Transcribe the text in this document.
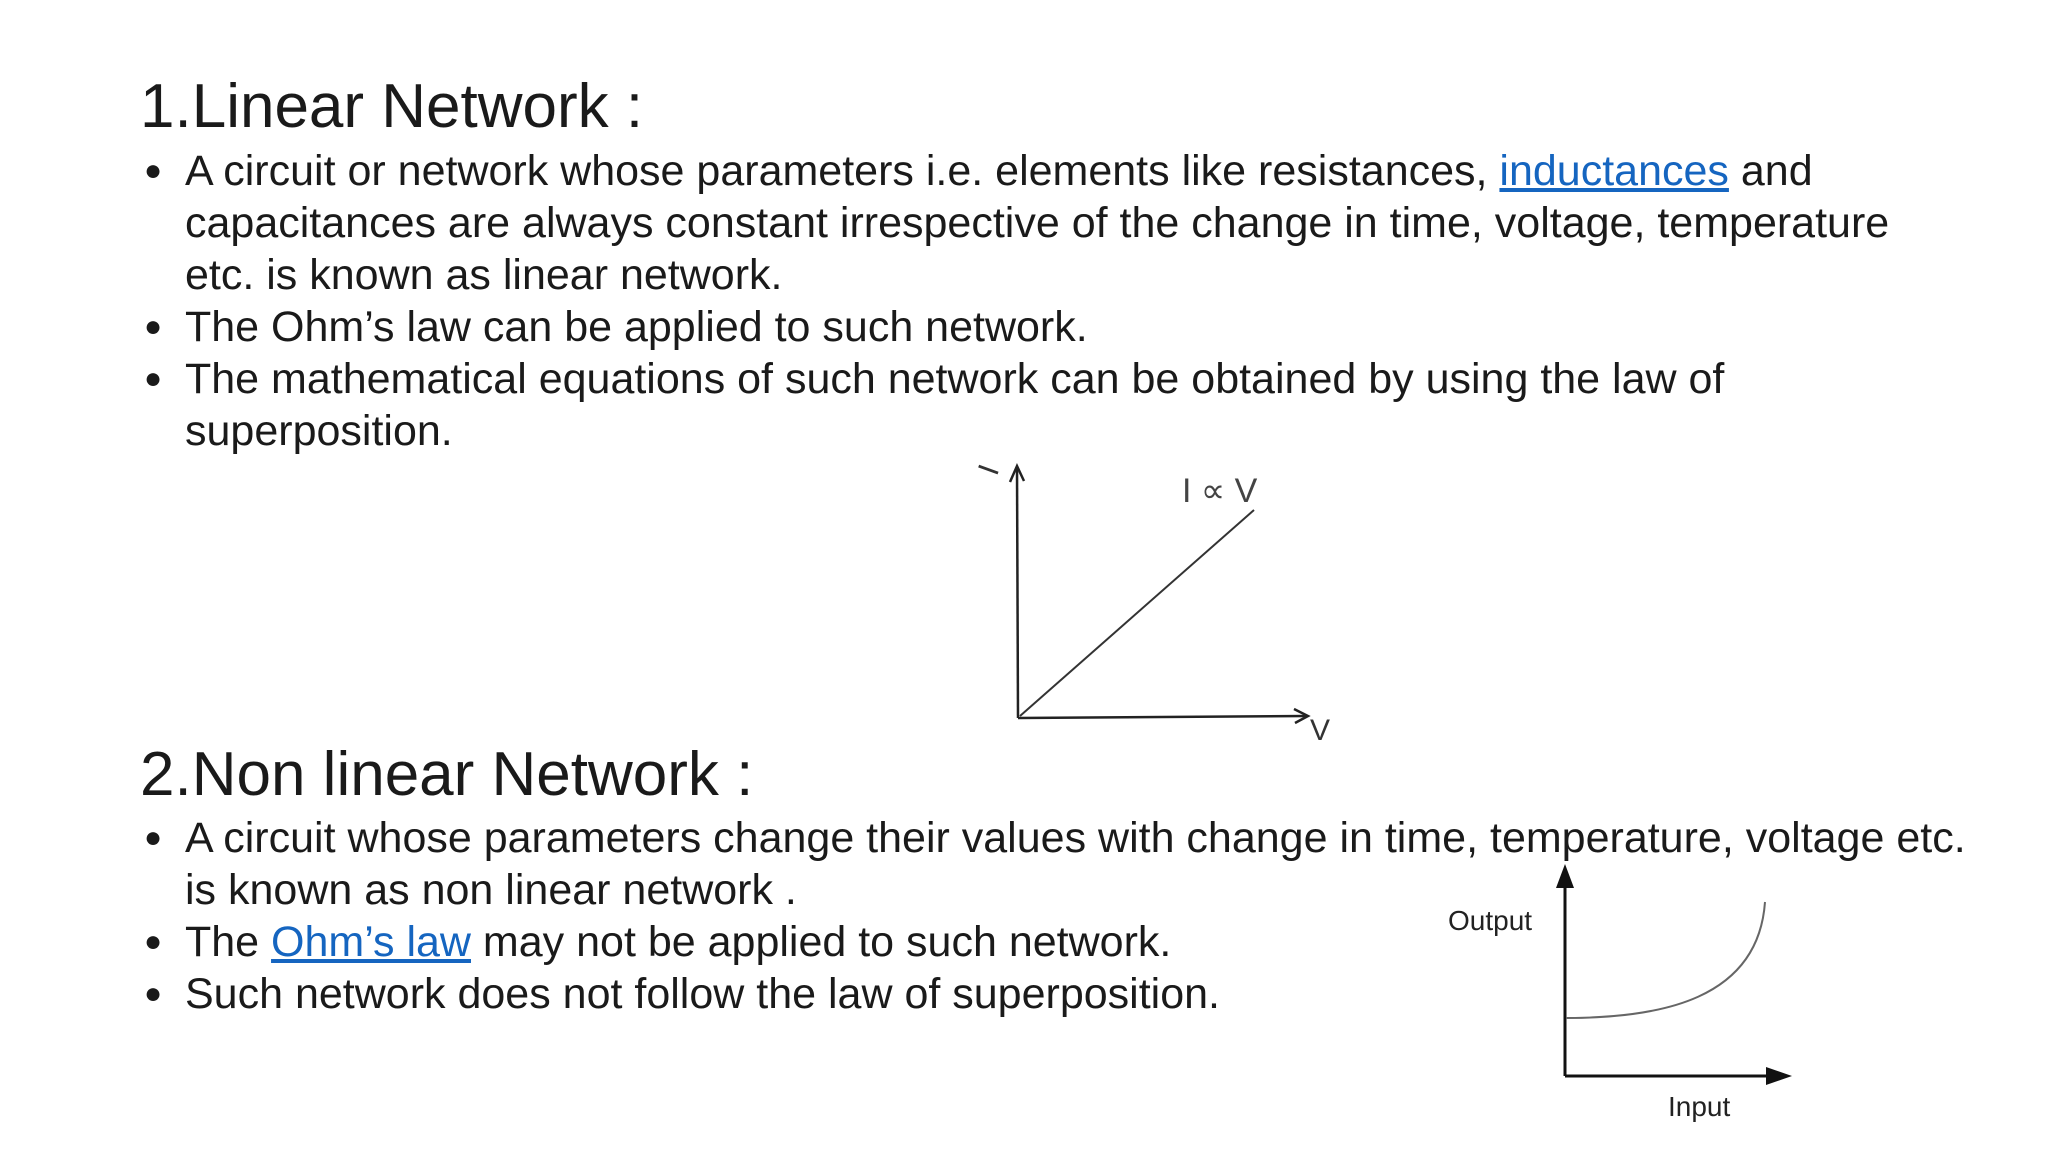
1.Linear Network :
● A circuit or network whose parameters i.e. elements like resistances, inductances and
capacitances are always constant irrespective of the change in time, voltage, temperature
etc. is known as linear network.
● The Ohm’s law can be applied to such network.
● The mathematical equations of such network can be obtained by using the law of
superposition.
I
V
I ∝ V
2.Non linear Network :
● A circuit whose parameters change their values with change in time, temperature, voltage etc.
is known as non linear network .
● The Ohm’s law may not be applied to such network.
● Such network does not follow the law of superposition.
Output
Input
